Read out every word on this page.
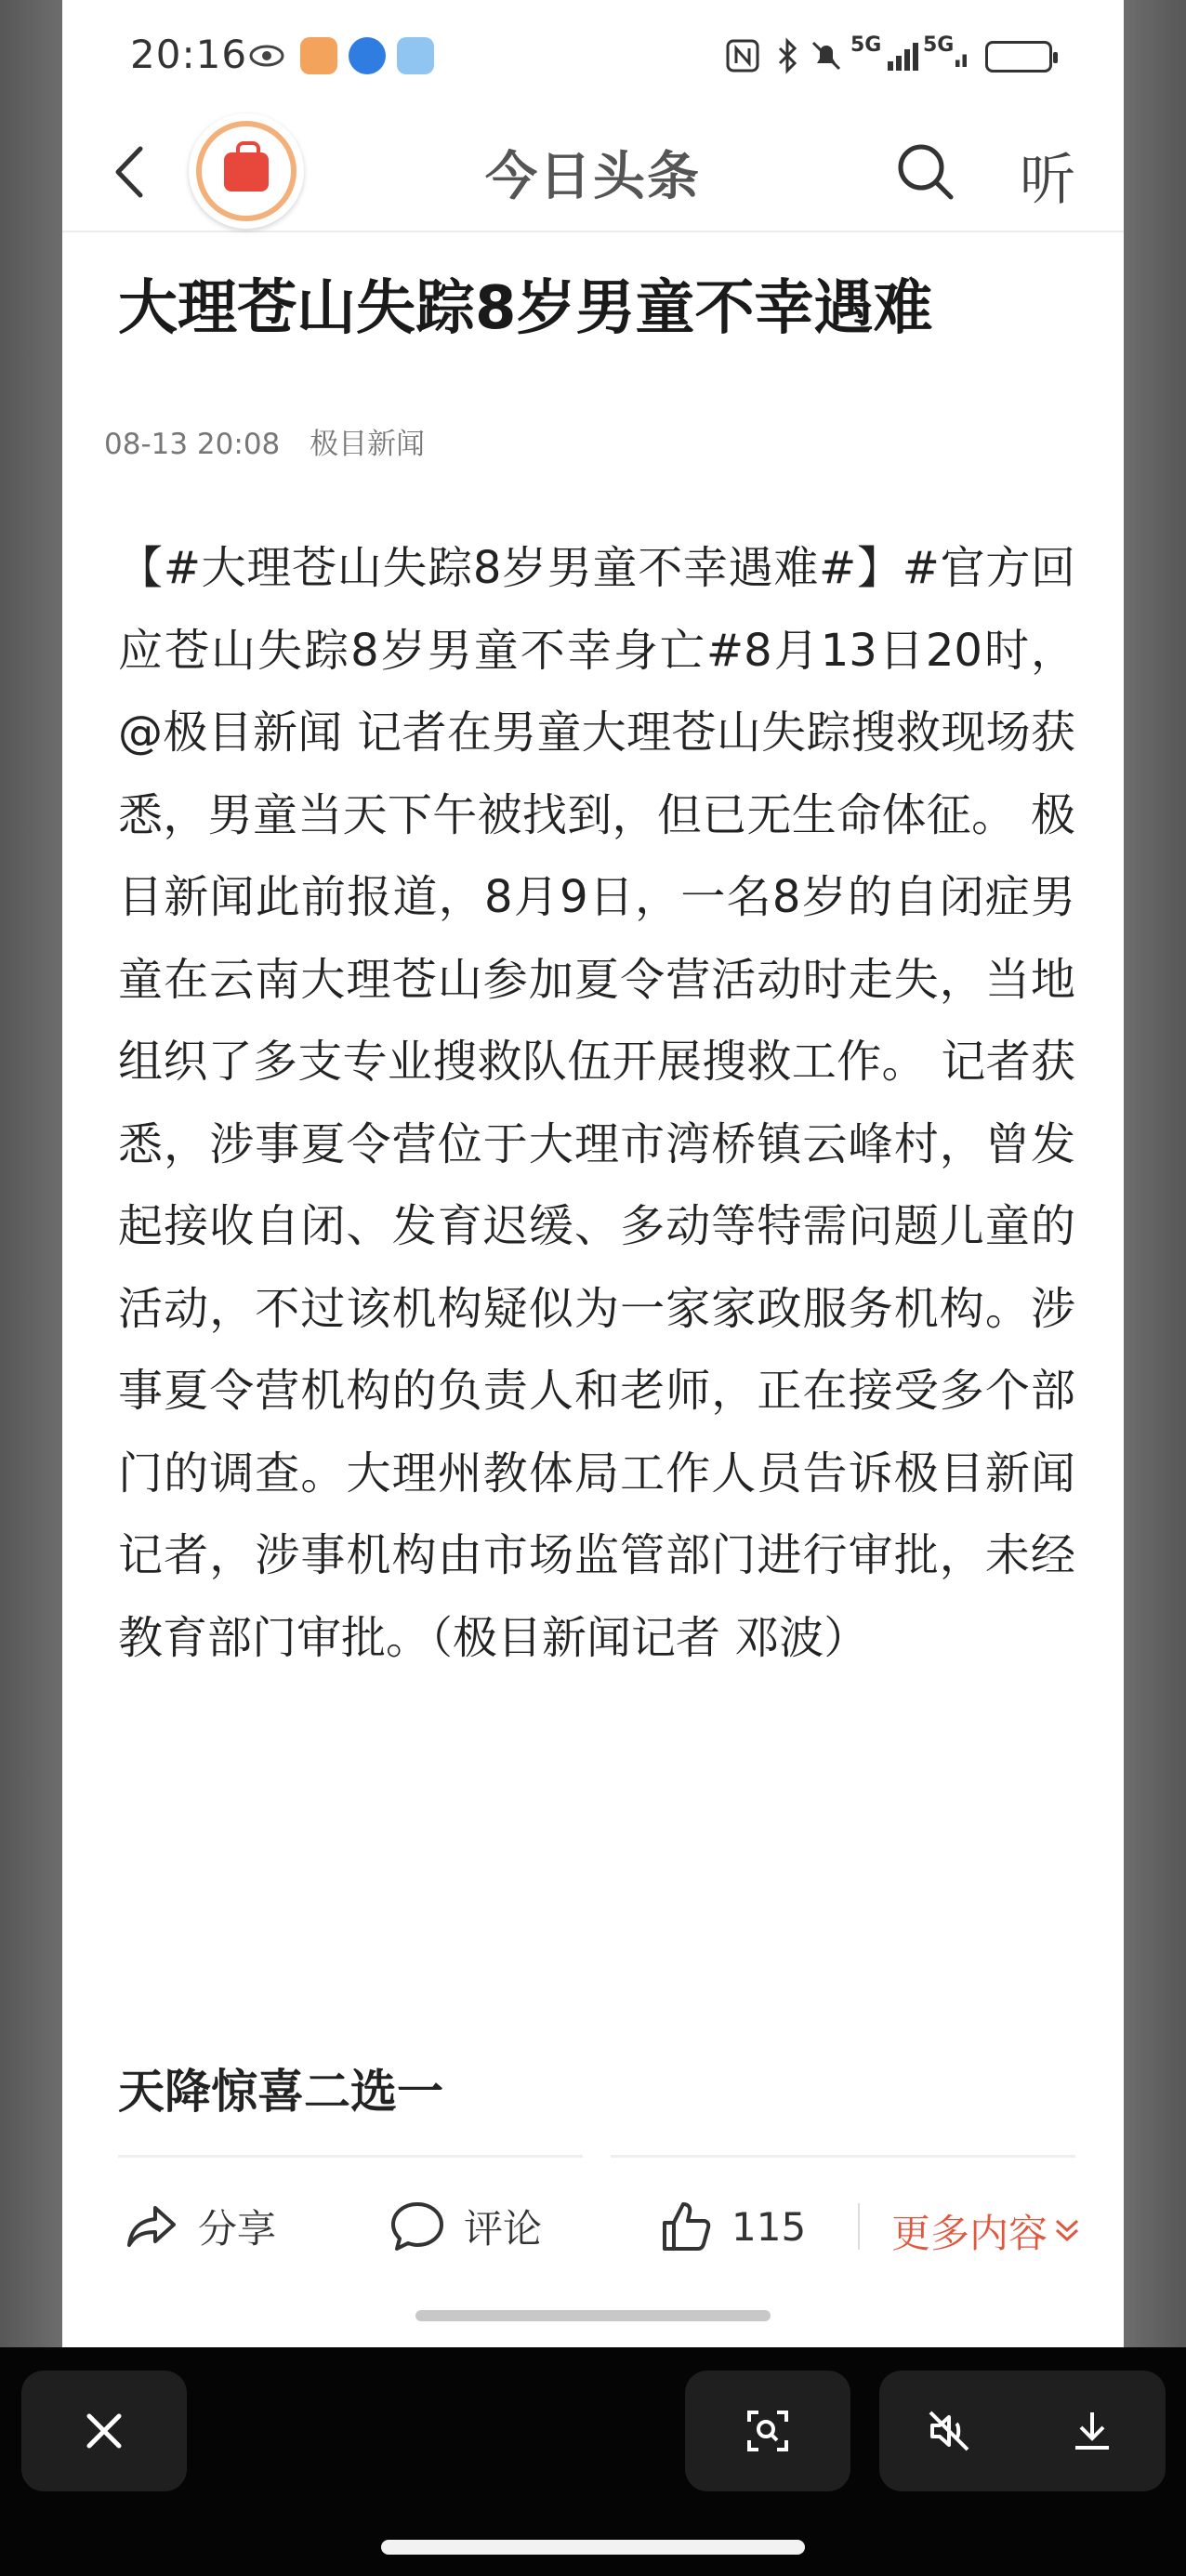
20:16	5G 5G
今日头条	听
大理苍山失踪8岁男童不幸遇难
08-13 20:08 极目新闻
【#大理苍山失踪8岁男童不幸遇难#】#官方回应苍山失踪8岁男童不幸身亡#8月13日20时，@极目新闻 记者在男童大理苍山失踪搜救现场获悉，男童当天下午被找到，但已无生命体征。 极目新闻此前报道，8月9日，一名8岁的自闭症男童在云南大理苍山参加夏令营活动时走失，当地组织了多支专业搜救队伍开展搜救工作。 记者获悉，涉事夏令营位于大理市湾桥镇云峰村，曾发起接收自闭、发育迟缓、多动等特需问题儿童的活动，不过该机构疑似为一家家政服务机构。涉事夏令营机构的负责人和老师，正在接受多个部门的调查。大理州教体局工作人员告诉极目新闻记者，涉事机构由市场监管部门进行审批，未经教育部门审批。（极目新闻记者 邓波）
天降惊喜二选一
分享	评论	115 更多内容
